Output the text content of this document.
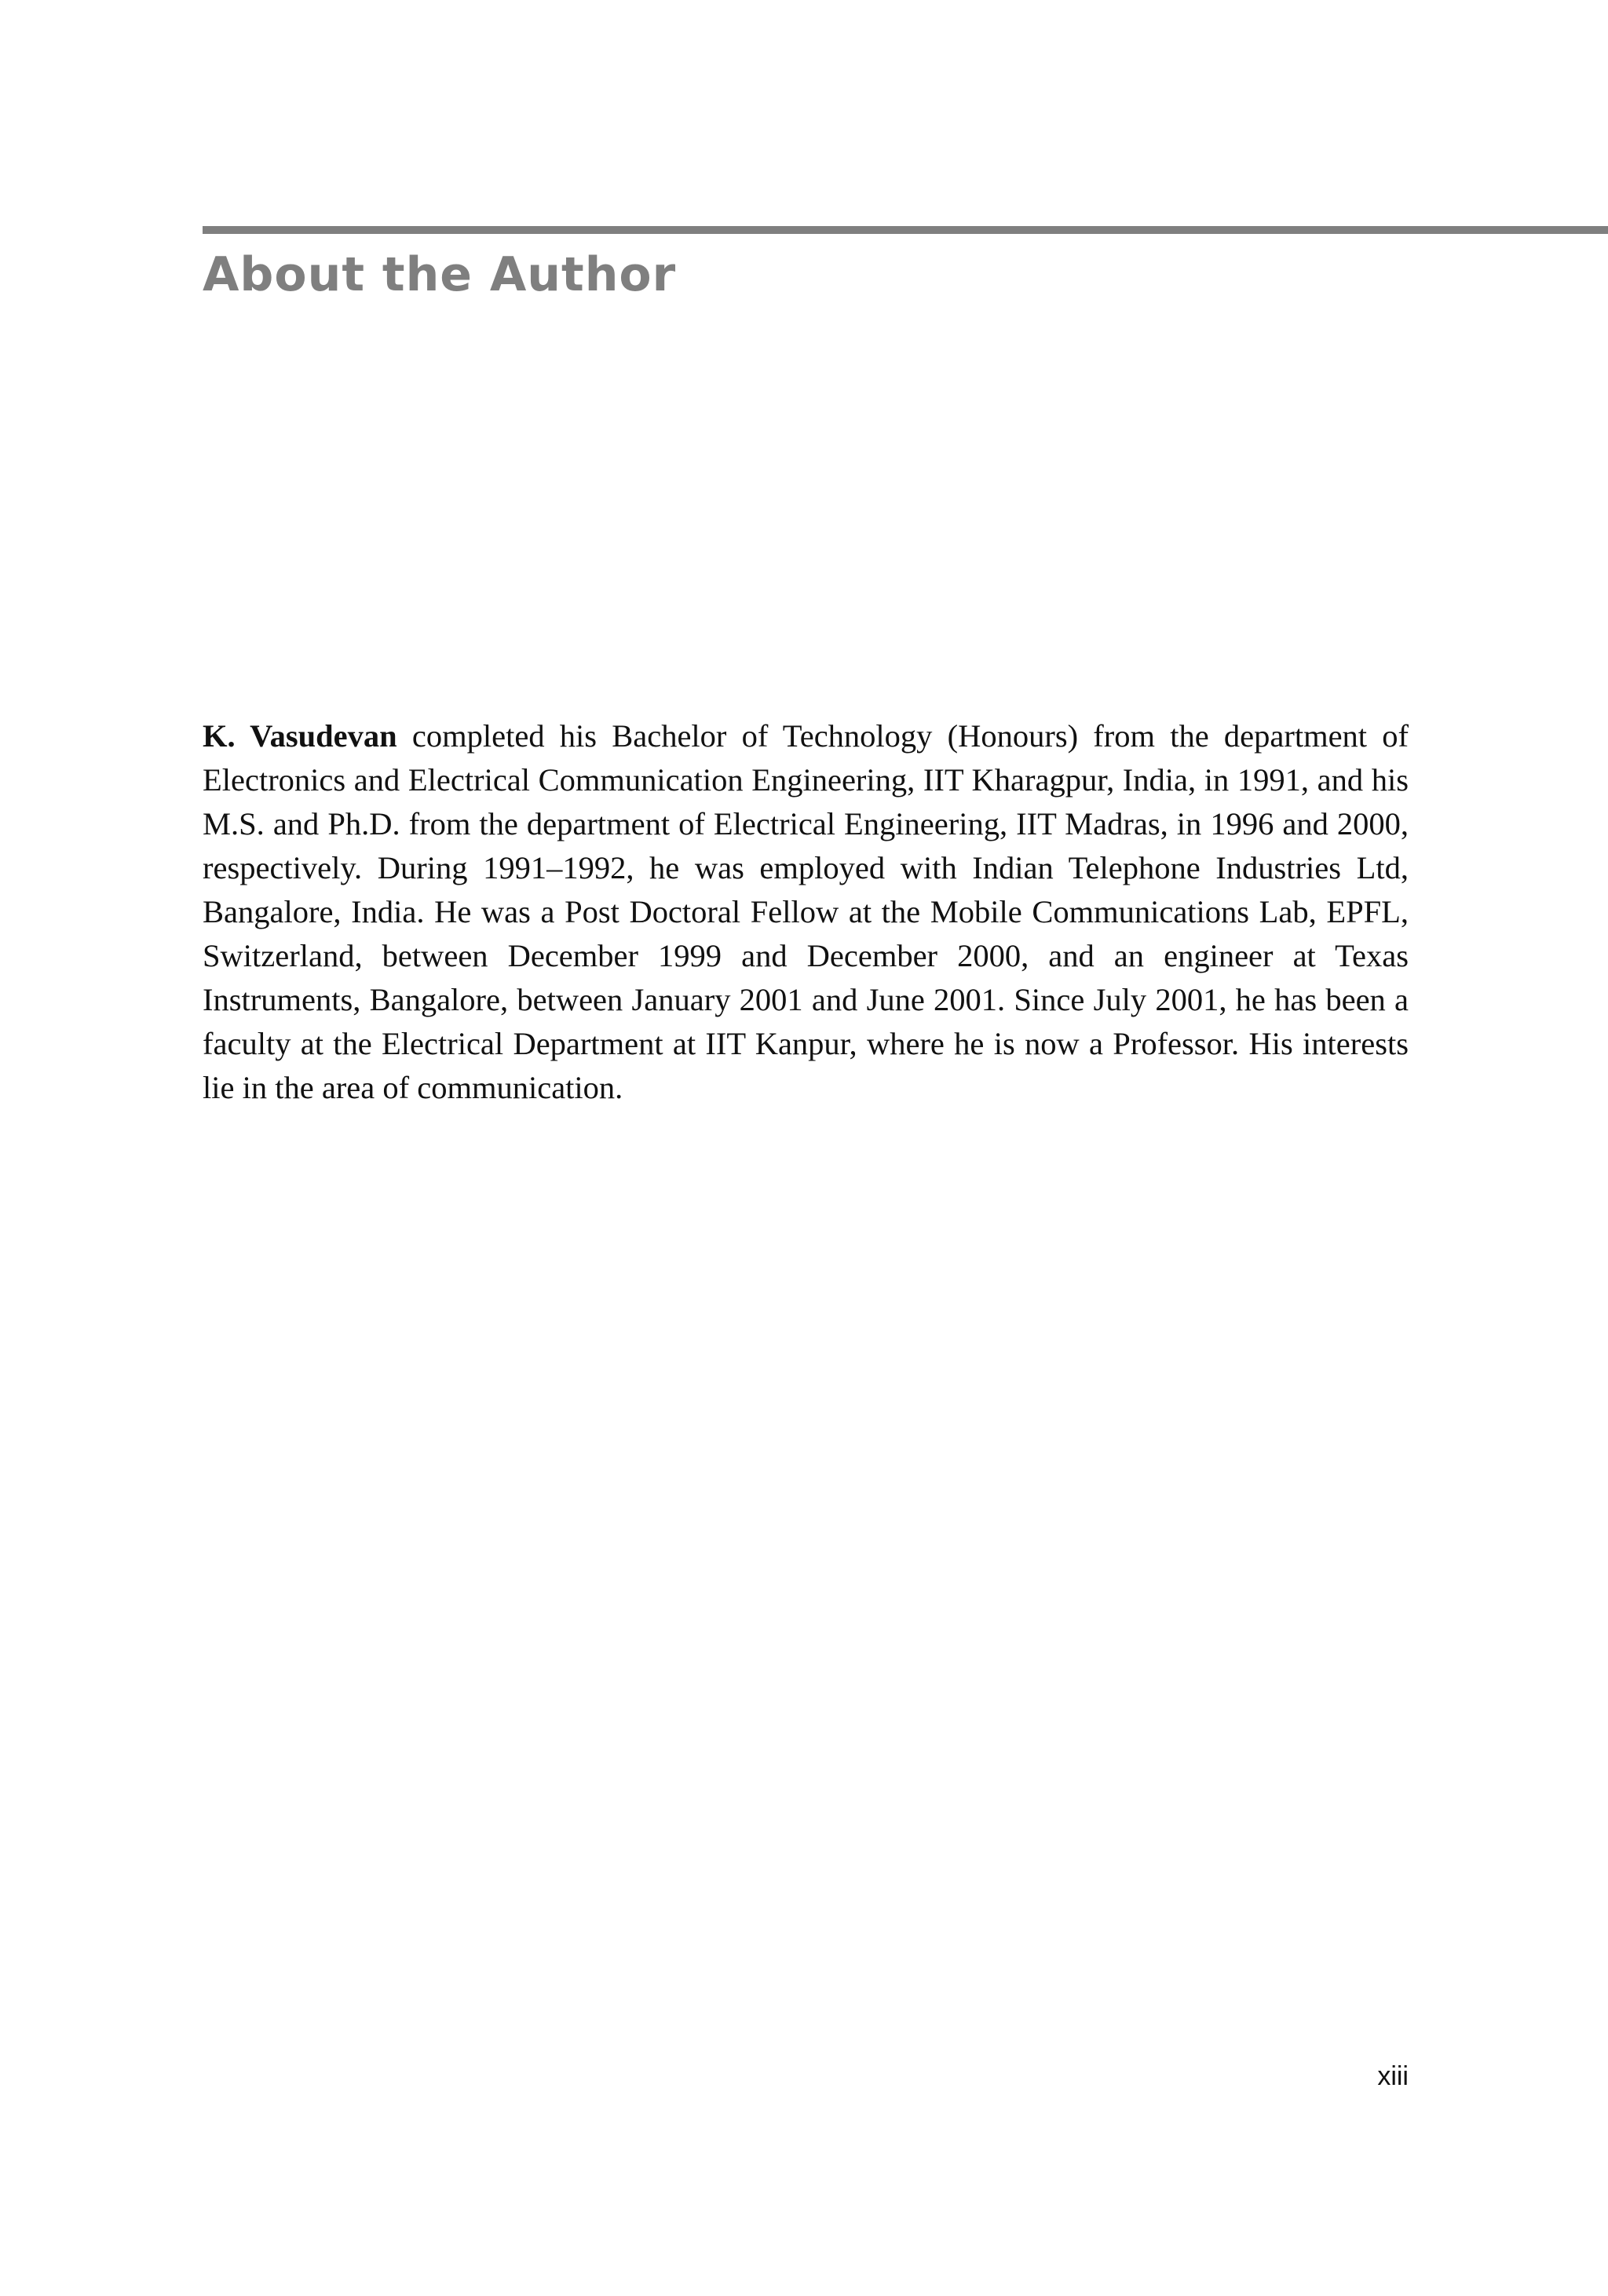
About the Author

K. Vasudevan completed his Bachelor of Technology (Honours) from the department of Electronics and Electrical Communication Engineering, IIT Kharagpur, India, in 1991, and his M.S. and Ph.D. from the department of Electrical Engineering, IIT Madras, in 1996 and 2000, respectively. During 1991–1992, he was employed with Indian Telephone Industries Ltd, Bangalore, India. He was a Post Doctoral Fellow at the Mobile Communications Lab, EPFL, Switzerland, between December 1999 and December 2000, and an engineer at Texas Instruments, Bangalore, between January 2001 and June 2001. Since July 2001, he has been a faculty at the Electrical Department at IIT Kanpur, where he is now a Professor. His interests lie in the area of communication.

xiii
